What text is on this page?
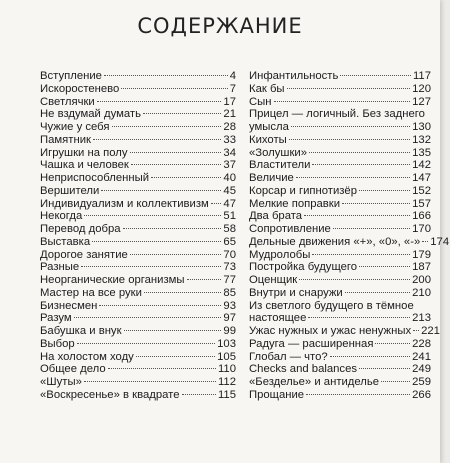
СОДЕРЖАНИЕ
Вступление	4
Искоростенево	7
Светлячки	17
Не вздумай думать	21
Чужие у себя	28
Памятник	33
Игрушки на полу	34
Чашка и человек	37
Неприспособленный	40
Вершители	45
Индивидуализм и коллективизм 47
Некогда	51
Перевод добра	58
Выставка	65
Дорогое занятие	70
Разные	73
Неорганические организмы	77
Мастер на все руки	85
Бизнесмен	93
Разум	97
Бабушка и внук	99
Выбор	103
На холостом ходу	105
Общее дело	110
«Шуты»	112
«Воскресенье» в квадрате	115
Инфантильность	117
Как бы	120
Сын	127
Прицел — логичный. Без заднего
умысла	130
Кихоты	132
«Золушки»	135
Властители	142
Величие	147
Корсар и гипнотизёр	152
Мелкие поправки	157
Два брата	166
Сопротивление	170
Дельные движения «+», «0», «-» 174
Мудролобы	179
Постройка будущего	187
Оценщик	200
Внутри и снаружи	210
Из светлого будущего в тёмное
настоящее	213
Ужас нужных и ужас ненужных 221
Радуга — расширенная	228
Глобал — что?	241
Checks and balances	249
«Безделье» и антиделье	259
Прощание	266
